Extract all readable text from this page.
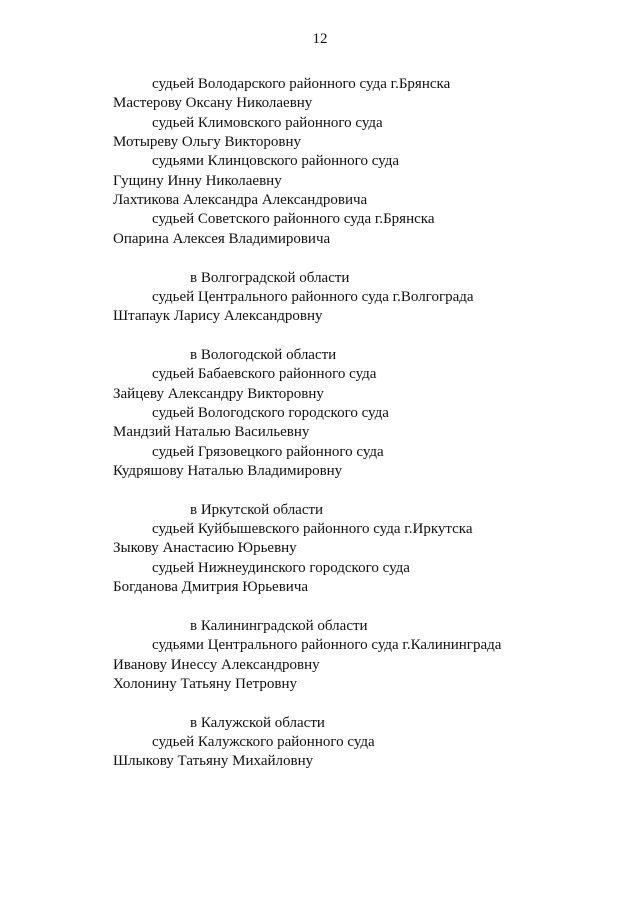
12
судьей Володарского районного суда г.Брянска
Мастерову Оксану Николаевну
судьей Климовского районного суда
Мотыреву Ольгу Викторовну
судьями Клинцовского районного суда
Гущину Инну Николаевну
Лахтикова Александра Александровича
судьей Советского районного суда г.Брянска
Опарина Алексея Владимировича
в Волгоградской области
судьей Центрального районного суда г.Волгограда
Штапаук Ларису Александровну
в Вологодской области
судьей Бабаевского районного суда
Зайцеву Александру Викторовну
судьей Вологодского городского суда
Мандзий Наталью Васильевну
судьей Грязовецкого районного суда
Кудряшову Наталью Владимировну
в Иркутской области
судьей Куйбышевского районного суда г.Иркутска
Зыкову Анастасию Юрьевну
судьей Нижнеудинского городского суда
Богданова Дмитрия Юрьевича
в Калининградской области
судьями Центрального районного суда г.Калининграда
Иванову Инессу Александровну
Холонину Татьяну Петровну
в Калужской области
судьей Калужского районного суда
Шлыкову Татьяну Михайловну
